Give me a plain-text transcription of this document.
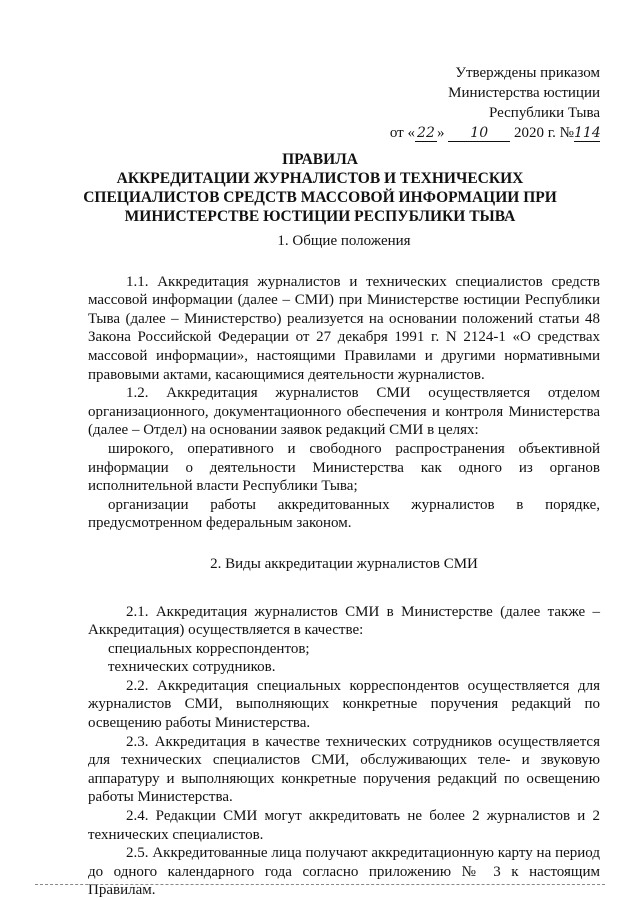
Утверждены приказом
Министерства юстиции
Республики Тыва
от « 22 » 10 2020 г. №114
ПРАВИЛА
АККРЕДИТАЦИИ ЖУРНАЛИСТОВ И ТЕХНИЧЕСКИХ
СПЕЦИАЛИСТОВ СРЕДСТВ МАССОВОЙ ИНФОРМАЦИИ ПРИ
МИНИСТЕРСТВЕ ЮСТИЦИИ РЕСПУБЛИКИ ТЫВА
1. Общие положения

1.1. Аккредитация журналистов и технических специалистов средств массовой информации (далее – СМИ) при Министерстве юстиции Республики Тыва (далее – Министерство) реализуется на основании положений статьи 48 Закона Российской Федерации от 27 декабря 1991 г. N 2124-1 «О средствах массовой информации», настоящими Правилами и другими нормативными правовыми актами, касающимися деятельности журналистов.

1.2. Аккредитация журналистов СМИ осуществляется отделом организационного, документационного обеспечения и контроля Министерства (далее – Отдел) на основании заявок редакций СМИ в целях:

широкого, оперативного и свободного распространения объективной информации о деятельности Министерства как одного из органов исполнительной власти Республики Тыва;

организации работы аккредитованных журналистов в порядке, предусмотренном федеральным законом.

2. Виды аккредитации журналистов СМИ

2.1. Аккредитация журналистов СМИ в Министерстве (далее также – Аккредитация) осуществляется в качестве:

специальных корреспондентов;

технических сотрудников.

2.2. Аккредитация специальных корреспондентов осуществляется для журналистов СМИ, выполняющих конкретные поручения редакций по освещению работы Министерства.

2.3. Аккредитация в качестве технических сотрудников осуществляется для технических специалистов СМИ, обслуживающих теле- и звуковую аппаратуру и выполняющих конкретные поручения редакций по освещению работы Министерства.

2.4. Редакции СМИ могут аккредитовать не более 2 журналистов и 2 технических специалистов.

2.5. Аккредитованные лица получают аккредитационную карту на период до одного календарного года согласно приложению № 3 к настоящим Правилам.
